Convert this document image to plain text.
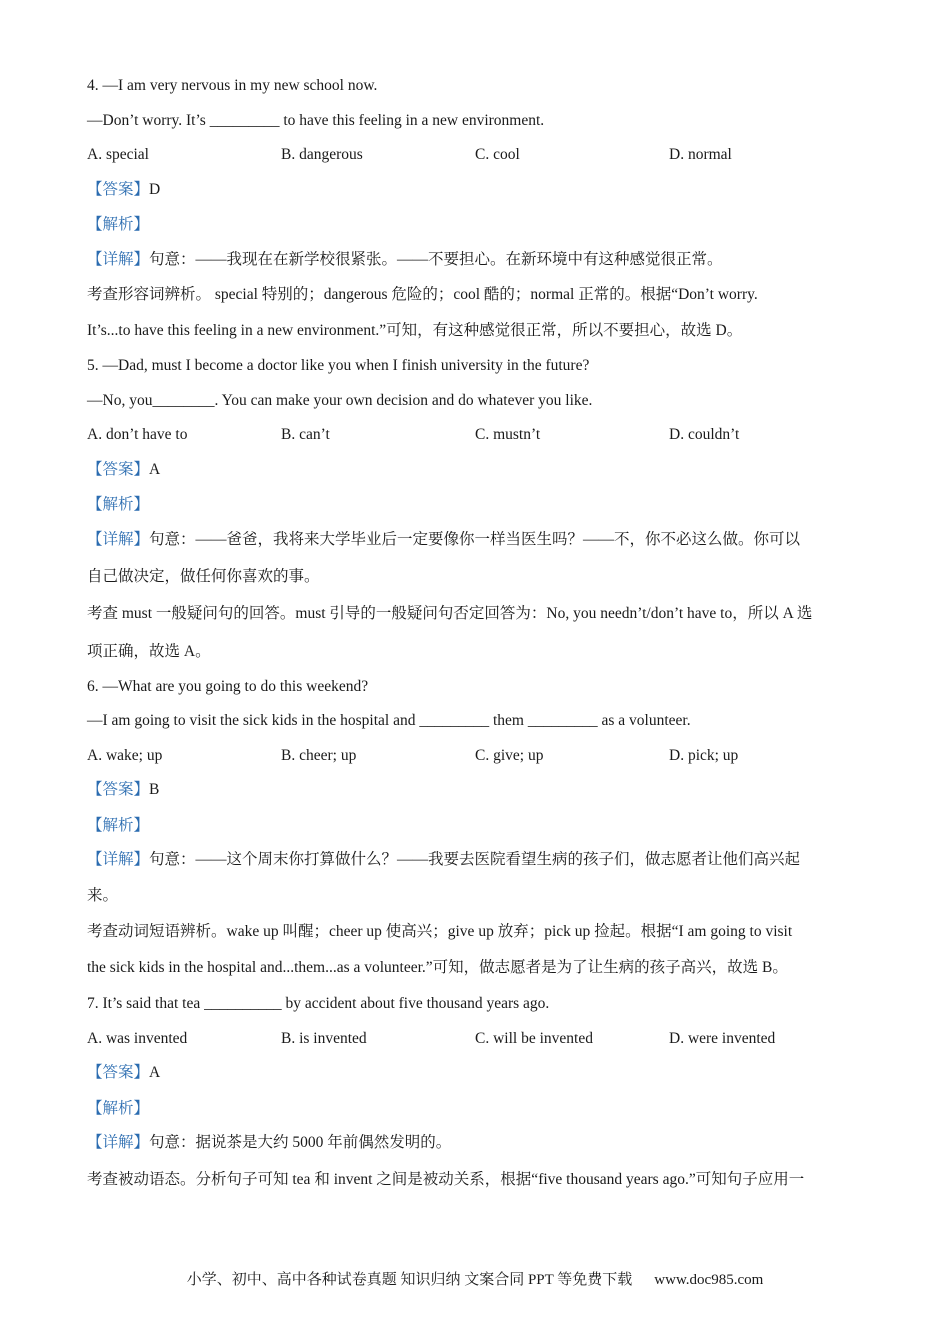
4. —I am very nervous in my new school now.
—Don’t worry. It’s _________ to have this feeling in a new environment.
A. special	B. dangerous	C. cool	D. normal
【答案】D
【解析】
【详解】句意：——我现在在新学校很紧张。——不要担心。在新环境中有这种感觉很正常。
考查形容词辨析。 special 特别的；dangerous 危险的；cool 酷的；normal 正常的。根据“Don’t worry.
It’s...to have this feeling in a new environment.”可知，有这种感觉很正常，所以不要担心，故选 D。
5. —Dad, must I become a doctor like you when I finish university in the future?
—No, you________. You can make your own decision and do whatever you like.
A. don’t have to	B. can’t	C. mustn’t	D. couldn’t
【答案】A
【解析】
【详解】句意：——爸爸，我将来大学毕业后一定要像你一样当医生吗？——不，你不必这么做。你可以
自己做决定，做任何你喜欢的事。
考查 must 一般疑问句的回答。must 引导的一般疑问句否定回答为：No, you needn’t/don’t have to，所以 A 选
项正确，故选 A。
6. —What are you going to do this weekend?
—I am going to visit the sick kids in the hospital and _________ them _________ as a volunteer.
A. wake; up	B. cheer; up	C. give; up	D. pick; up
【答案】B
【解析】
【详解】句意：——这个周末你打算做什么？——我要去医院看望生病的孩子们，做志愿者让他们高兴起
来。
考查动词短语辨析。wake up 叫醒；cheer up 使高兴；give up 放弃；pick up 捡起。根据“I am going to visit
the sick kids in the hospital and...them...as a volunteer.”可知，做志愿者是为了让生病的孩子高兴，故选 B。
7. It’s said that tea __________ by accident about five thousand years ago.
A. was invented	B. is invented	C. will be invented	D. were invented
【答案】A
【解析】
【详解】句意：据说茶是大约 5000 年前偶然发明的。
考查被动语态。分析句子可知 tea 和 invent 之间是被动关系，根据“five thousand years ago.”可知句子应用一
小学、初中、高中各种试卷真题 知识归纳 文案合同 PPT 等免费下载 www.doc985.com
